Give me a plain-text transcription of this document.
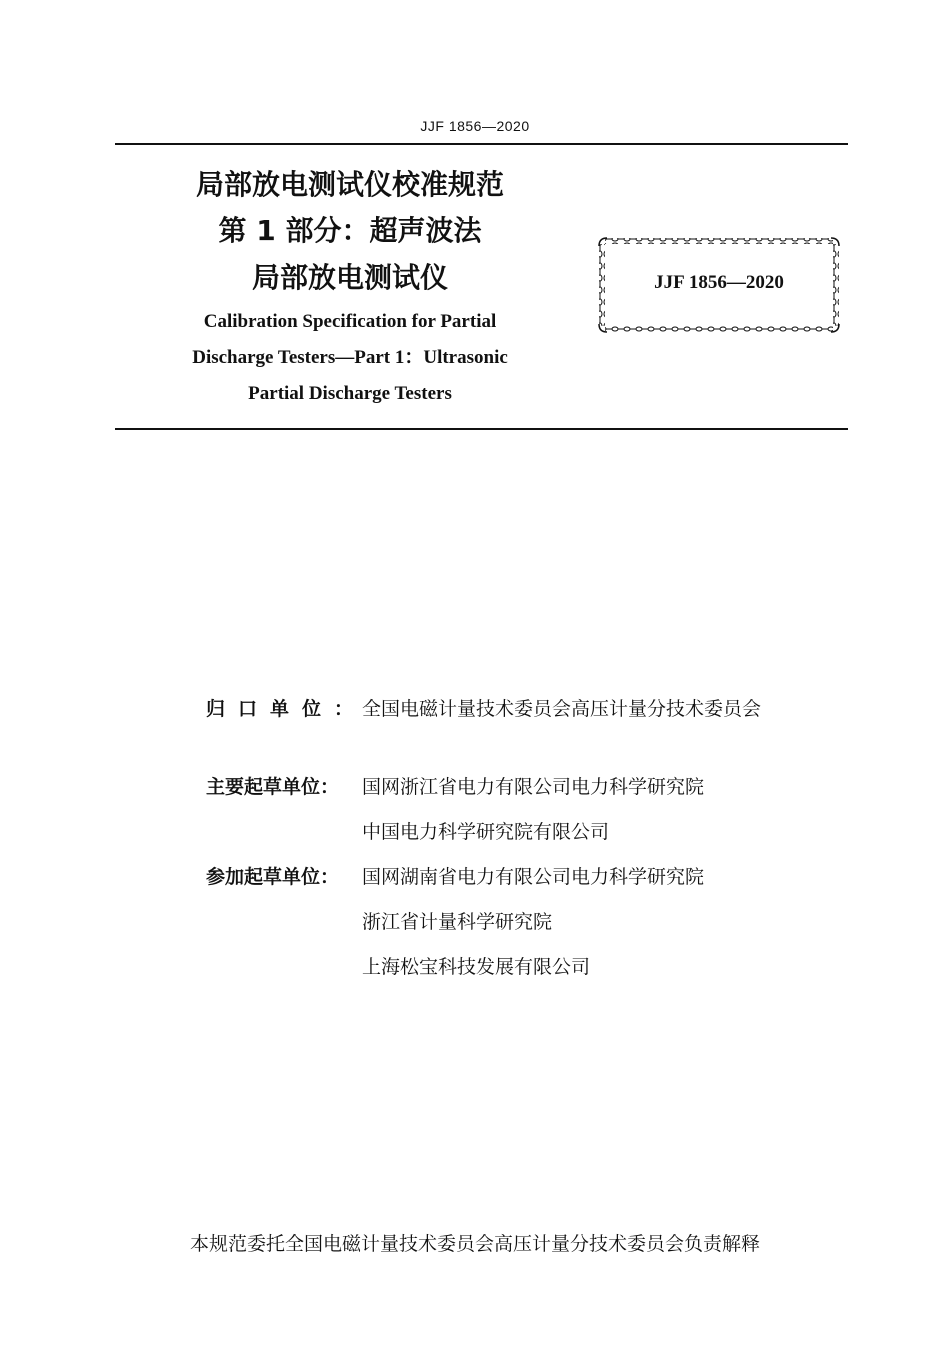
JJF 1856—2020
局部放电测试仪校准规范
第 1 部分：超声波法
局部放电测试仪
Calibration Specification for Partial
Discharge Testers—Part 1：Ultrasonic
Partial Discharge Testers
JJF 1856—2020
归口单位：
全国电磁计量技术委员会高压计量分技术委员会
主要起草单位： 国网浙江省电力有限公司电力科学研究院
中国电力科学研究院有限公司
参加起草单位： 国网湖南省电力有限公司电力科学研究院
浙江省计量科学研究院
上海松宝科技发展有限公司
本规范委托全国电磁计量技术委员会高压计量分技术委员会负责解释
